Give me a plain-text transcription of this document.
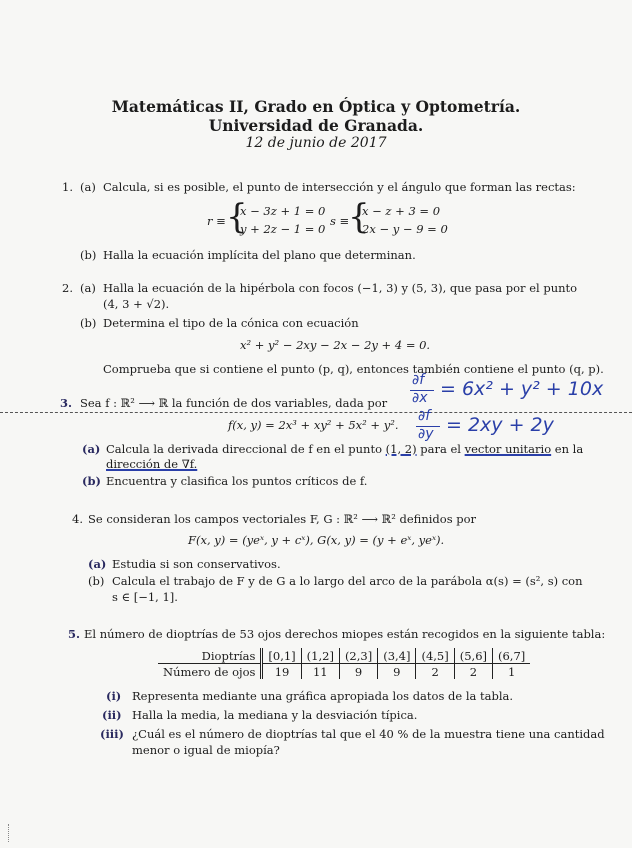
Matemáticas II, Grado en Óptica y Optometría.
Universidad de Granada.
12 de junio de 2017
1. (a) Calcula, si es posible, el punto de intersección y el ángulo que forman las rectas:
r ≡ {
x − 3z + 1 = 0
y + 2z − 1 = 0
s ≡
{
x − z + 3 = 0
2x − y − 9 = 0
(b) Halla la ecuación implícita del plano que determinan.
2. (a) Halla la ecuación de la hipérbola con focos (−1, 3) y (5, 3), que pasa por el punto
(4, 3 + √2).
(b) Determina el tipo de la cónica con ecuación
x² + y² − 2xy − 2x − 2y + 4 = 0.
Comprueba que si contiene el punto (p, q), entonces también contiene el punto (q, p).
3. Sea f : ℝ² ⟶ ℝ la función de dos variables, dada por
∂f
∂x = 6x² + y² + 10x
f(x, y) = 2x³ + xy² + 5x² + y².
∂f
∂y = 2xy + 2y
(a) Calcula la derivada direccional de f en el punto (1, 2) para el vector unitario en la
dirección de ∇f.
(b) Encuentra y clasifica los puntos críticos de f.
4. Se consideran los campos vectoriales F, G : ℝ² ⟶ ℝ² definidos por
F(x, y) = (yeˣ, y + cˣ), G(x, y) = (y + eˣ, yeˣ).
(a) Estudia si son conservativos.
(b) Calcula el trabajo de F y de G a lo largo del arco de la parábola α(s) = (s², s) con
s ∈ [−1, 1].
5. El número de dioptrías de 53 ojos derechos miopes están recogidos en la siguiente tabla:
Dioptrías	[0,1]	(1,2]	(2,3]	(3,4]	(4,5]	(5,6]	(6,7]
Número de ojos	19	11	9	9	2	2	1
(i) Representa mediante una gráfica apropiada los datos de la tabla.
(ii) Halla la media, la mediana y la desviación típica.
(iii) ¿Cuál es el número de dioptrías tal que el 40 % de la muestra tiene una cantidad
menor o igual de miopía?
